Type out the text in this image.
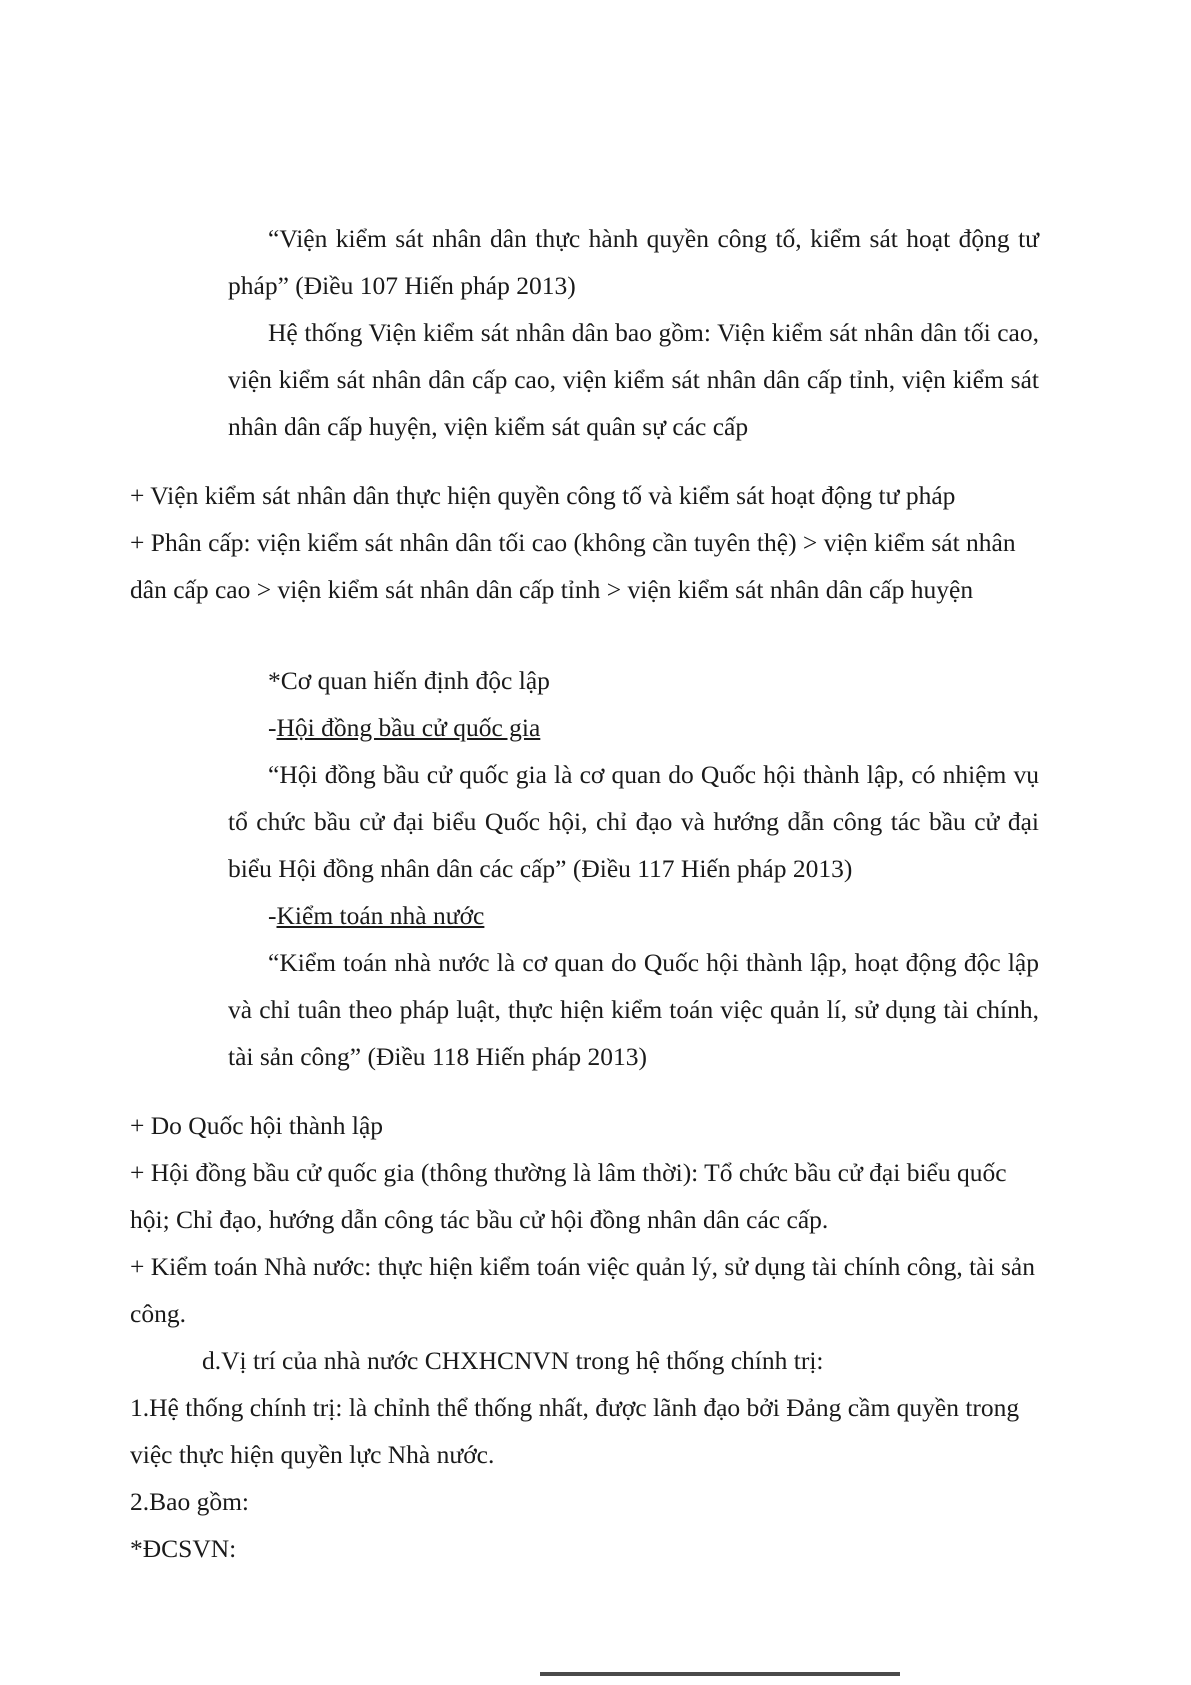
“Viện kiểm sát nhân dân thực hành quyền công tố, kiểm sát hoạt động tư pháp” (Điều 107 Hiến pháp 2013)

Hệ thống Viện kiểm sát nhân dân bao gồm: Viện kiểm sát nhân dân tối cao, viện kiểm sát nhân dân cấp cao, viện kiểm sát nhân dân cấp tỉnh, viện kiểm sát nhân dân cấp huyện, viện kiểm sát quân sự các cấp

+ Viện kiểm sát nhân dân thực hiện quyền công tố và kiểm sát hoạt động tư pháp

+ Phân cấp: viện kiểm sát nhân dân tối cao (không cần tuyên thệ) > viện kiểm sát nhân dân cấp cao > viện kiểm sát nhân dân cấp tỉnh > viện kiểm sát nhân dân cấp huyện

*Cơ quan hiến định độc lập

-Hội đồng bầu cử quốc gia

“Hội đồng bầu cử quốc gia là cơ quan do Quốc hội thành lập, có nhiệm vụ tổ chức bầu cử đại biểu Quốc hội, chỉ đạo và hướng dẫn công tác bầu cử đại biểu Hội đồng nhân dân các cấp” (Điều 117 Hiến pháp 2013)

-Kiểm toán nhà nước

“Kiểm toán nhà nước là cơ quan do Quốc hội thành lập, hoạt động độc lập và chỉ tuân theo pháp luật, thực hiện kiểm toán việc quản lí, sử dụng tài chính, tài sản công” (Điều 118 Hiến pháp 2013)

+ Do Quốc hội thành lập

+ Hội đồng bầu cử quốc gia (thông thường là lâm thời): Tổ chức bầu cử đại biểu quốc hội; Chỉ đạo, hướng dẫn công tác bầu cử hội đồng nhân dân các cấp.

+ Kiểm toán Nhà nước: thực hiện kiểm toán việc quản lý, sử dụng tài chính công, tài sản công.

d.Vị trí của nhà nước CHXHCNVN trong hệ thống chính trị:

1.Hệ thống chính trị: là chỉnh thể thống nhất, được lãnh đạo bởi Đảng cầm quyền trong việc thực hiện quyền lực Nhà nước.

2.Bao gồm:

*ĐCSVN:
